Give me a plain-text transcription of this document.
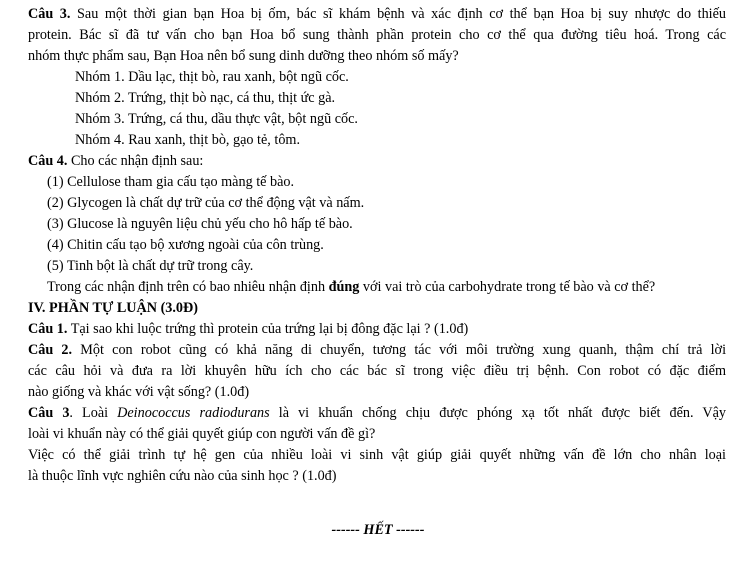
Câu 3. Sau một thời gian bạn Hoa bị ốm, bác sĩ khám bệnh và xác định cơ thể bạn Hoa bị suy nhược do thiếu
protein. Bác sĩ đã tư vấn cho bạn Hoa bổ sung thành phần protein cho cơ thể qua đường tiêu hoá. Trong các
nhóm thực phẩm sau, Bạn Hoa nên bổ sung dinh dưỡng theo nhóm số mấy?
Nhóm 1. Dầu lạc, thịt bò, rau xanh, bột ngũ cốc.
Nhóm 2. Trứng, thịt bò nạc, cá thu, thịt ức gà.
Nhóm 3. Trứng, cá thu, dầu thực vật, bột ngũ cốc.
Nhóm 4. Rau xanh, thịt bò, gạo tẻ, tôm.
Câu 4. Cho các nhận định sau:
(1) Cellulose tham gia cấu tạo màng tế bào.
(2) Glycogen là chất dự trữ của cơ thể động vật và nấm.
(3) Glucose là nguyên liệu chủ yếu cho hô hấp tế bào.
(4) Chitin cấu tạo bộ xương ngoài của côn trùng.
(5) Tinh bột là chất dự trữ trong cây.
Trong các nhận định trên có bao nhiêu nhận định đúng với vai trò của carbohydrate trong tế bào và cơ thể?
IV. PHẦN TỰ LUẬN (3.0Đ)
Câu 1. Tại sao khi luộc trứng thì protein của trứng lại bị đông đặc lại ? (1.0đ)
Câu 2. Một con robot cũng có khả năng di chuyển, tương tác với môi trường xung quanh, thậm chí trả lời
các câu hỏi và đưa ra lời khuyên hữu ích cho các bác sĩ trong việc điều trị bệnh. Con robot có đặc điểm
nào giống và khác với vật sống? (1.0đ)
Câu 3. Loài Deinococcus radiodurans là vi khuẩn chống chịu được phóng xạ tốt nhất được biết đến. Vậy
loài vi khuẩn này có thể giải quyết giúp con người vấn đề gì?
Việc có thể giải trình tự hệ gen của nhiều loài vi sinh vật giúp giải quyết những vấn đề lớn cho nhân loại
là thuộc lĩnh vực nghiên cứu nào của sinh học ? (1.0đ)
------ HẾT ------
